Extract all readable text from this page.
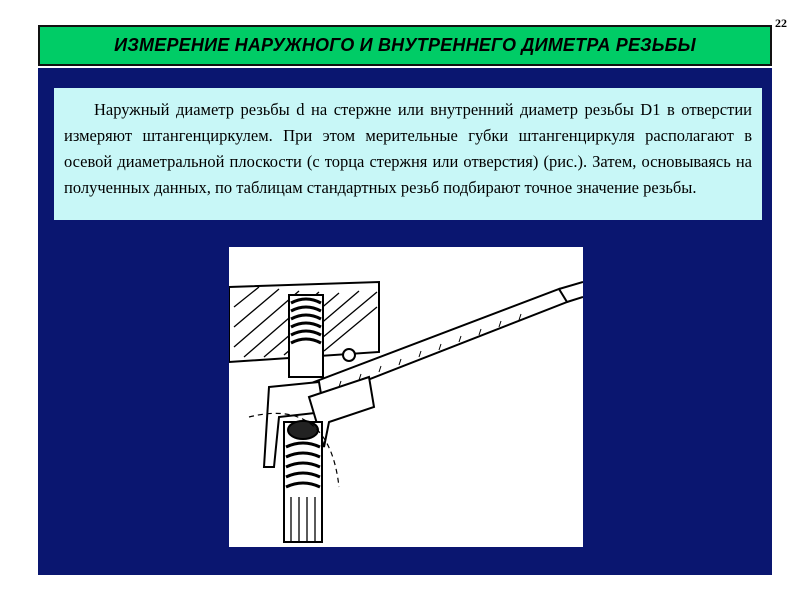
22
ИЗМЕРЕНИЕ НАРУЖНОГО И ВНУТРЕННЕГО ДИМЕТРА РЕЗЬБЫ

Наружный диаметр резьбы d на стержне или внутренний диаметр резьбы D1 в отверстии измеряют штангенциркулем. При этом мерительные губки штангенциркуля располагают в осевой диаметральной плоскости (с торца стержня или отверстия) (рис.). Затем, основываясь на полученных данных, по таблицам стандартных резьб подбирают точное значение резьбы.
